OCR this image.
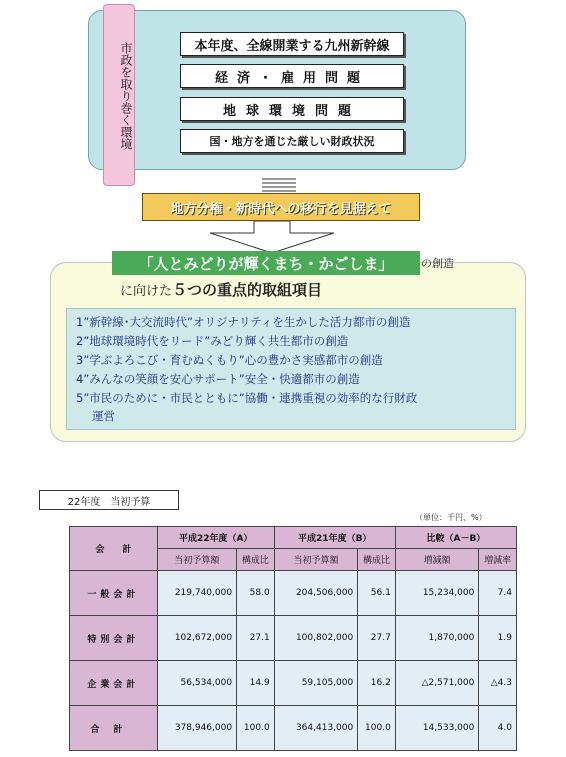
市政を取り巻く環境	本年度、全線開業する九州新幹線
経済・雇用問題
地球環境問題
国・地方を通じた厳しい財政状況
地方分権・新時代への移行を見据えて
「人とみどりが輝くまち・かごしま」	の創造
に向けた５つの重点的取組項目
1”新幹線･大交流時代”オリジナリティを生かした活力都市の創造
2”地球環境時代をリード”みどり輝く共生都市の創造
3”学ぶよろこび・育むぬくもり”心の豊かさ実感都市の創造
4”みんなの笑顔を安心サポート”安全・快適都市の創造
5”市民のために・市民とともに”協働・連携重視の効率的な行財政
運営
22年度　当初予算
（単位：千円、%）
会　　計	平成22年度（A）		平成21年度（B）		比較（A－B）	
	当初予算額	構成比	当初予算額	構成比	増減額	増減率
一般会計	219,740,000	58.0	204,506,000	56.1	15,234,000	7.4
特別会計	102,672,000	27.1	100,802,000	27.7	1,870,000	1.9
企業会計	56,534,000	14.9	59,105,000	16.2	△2,571,000	△4.3
合計	378,946,000	100.0	364,413,000	100.0	14,533,000	4.0
